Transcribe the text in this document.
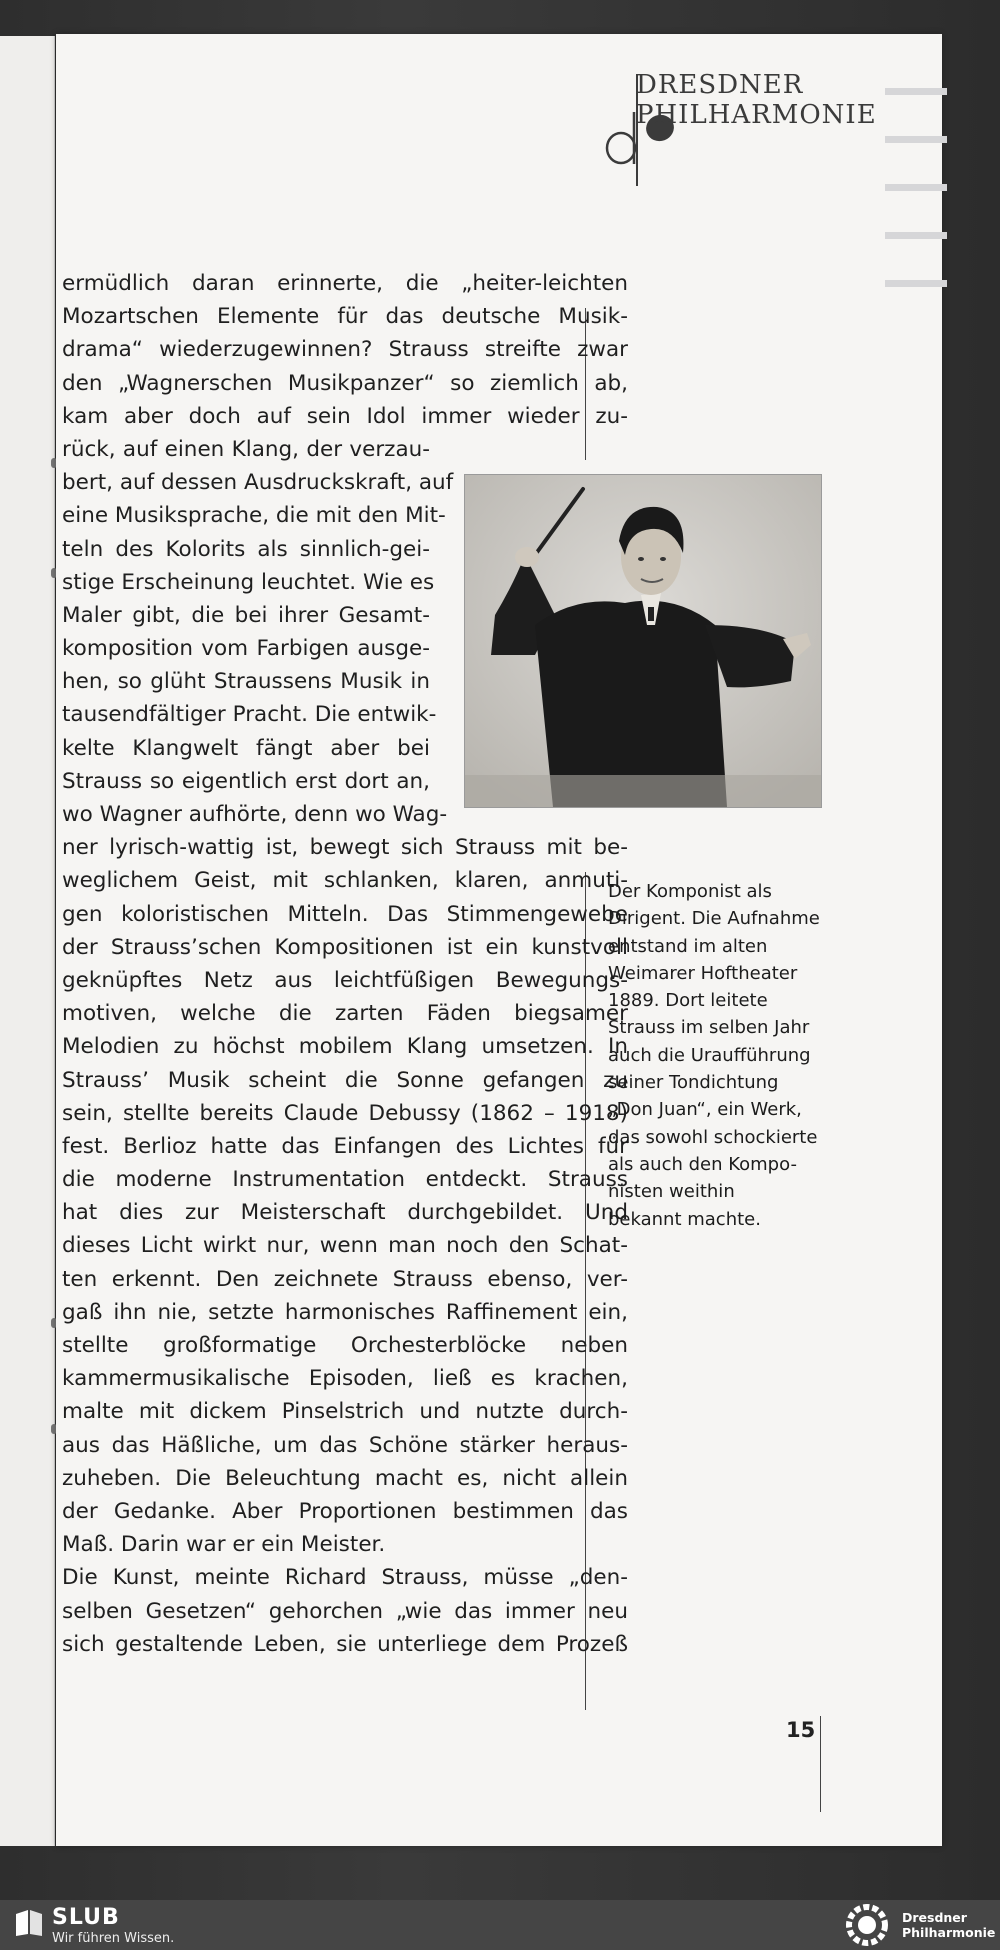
DRESDNER
PHILHARMONIE
ermüdlich daran erinnerte, die „heiter-leichten
Mozartschen Elemente für das deutsche Musik-
drama“ wiederzugewinnen? Strauss streifte zwar
den „Wagnerschen Musikpanzer“ so ziemlich ab,
kam aber doch auf sein Idol immer wieder zu-
rück, auf einen Klang, der verzau-
bert, auf dessen Ausdruckskraft, auf
eine Musiksprache, die mit den Mit-
teln des Kolorits als sinnlich-gei-
stige Erscheinung leuchtet. Wie es
Maler gibt, die bei ihrer Gesamt-
komposition vom Farbigen ausge-
hen, so glüht Straussens Musik in
tausendfältiger Pracht. Die entwik-
kelte Klangwelt fängt aber bei
Strauss so eigentlich erst dort an,
wo Wagner aufhörte, denn wo Wag-
ner lyrisch-wattig ist, bewegt sich Strauss mit be-
weglichem Geist, mit schlanken, klaren, anmuti-
gen koloristischen Mitteln. Das Stimmengewebe
der Strauss’schen Kompositionen ist ein kunstvoll
geknüpftes Netz aus leichtfüßigen Bewegungs-
motiven, welche die zarten Fäden biegsamer
Melodien zu höchst mobilem Klang umsetzen. In
Strauss’ Musik scheint die Sonne gefangen zu
sein, stellte bereits Claude Debussy (1862 – 1918)
fest. Berlioz hatte das Einfangen des Lichtes für
die moderne Instrumentation entdeckt. Strauss
hat dies zur Meisterschaft durchgebildet. Und
dieses Licht wirkt nur, wenn man noch den Schat-
ten erkennt. Den zeichnete Strauss ebenso, ver-
gaß ihn nie, setzte harmonisches Raffinement ein,
stellte großformatige Orchesterblöcke neben
kammermusikalische Episoden, ließ es krachen,
malte mit dickem Pinselstrich und nutzte durch-
aus das Häßliche, um das Schöne stärker heraus-
zuheben. Die Beleuchtung macht es, nicht allein
der Gedanke. Aber Proportionen bestimmen das
Maß. Darin war er ein Meister.
Die Kunst, meinte Richard Strauss, müsse „den-
selben Gesetzen“ gehorchen „wie das immer neu
sich gestaltende Leben, sie unterliege dem Prozeß
Der Komponist als
Dirigent. Die Aufnahme
entstand im alten
Weimarer Hoftheater
1889. Dort leitete
Strauss im selben Jahr
auch die Uraufführung
seiner Tondichtung
„Don Juan“, ein Werk,
das sowohl schockierte
als auch den Kompo-
nisten weithin
bekannt machte.
15
SLUB
Wir führen Wissen.
Dresdner
Philharmonie
